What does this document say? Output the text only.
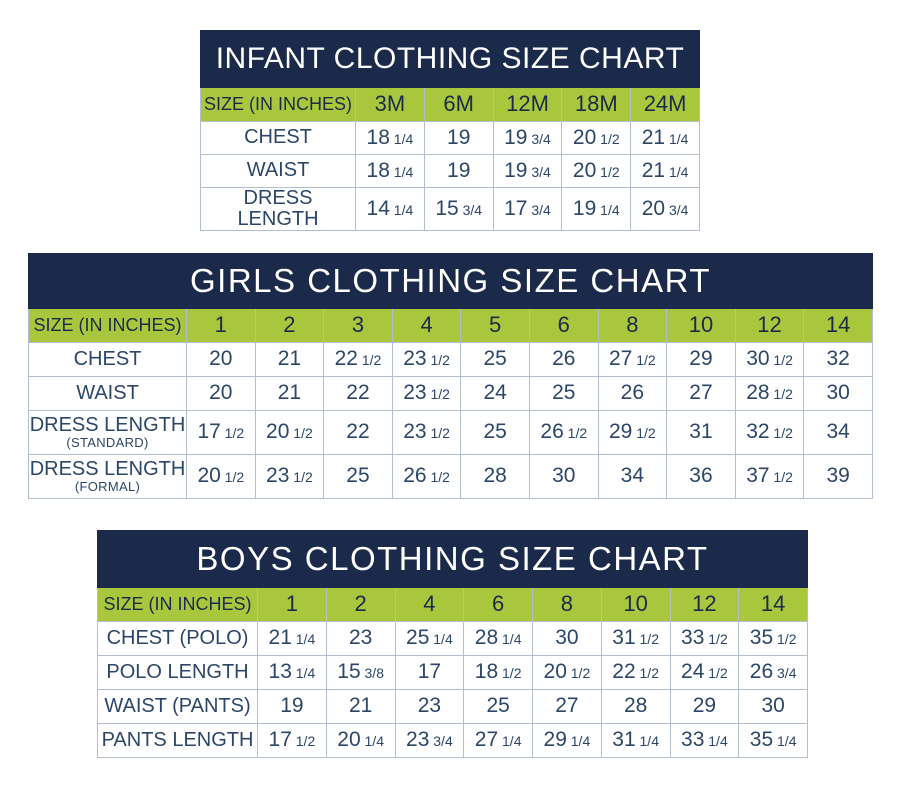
INFANT CLOTHING SIZE CHART
SIZE (IN INCHES)	3M	6M	12M	18M	24M
CHEST	18 1/4	19	19 3/4	20 1/2	21 1/4
WAIST	18 1/4	19	19 3/4	20 1/2	21 1/4
DRESS LENGTH	14 1/4	15 3/4	17 3/4	19 1/4	20 3/4
GIRLS CLOTHING SIZE CHART
SIZE (IN INCHES)	1	2	3	4	5	6	8	10	12	14
CHEST	20	21	22 1/2	23 1/2	25	26	27 1/2	29	30 1/2	32
WAIST	20	21	22	23 1/2	24	25	26	27	28 1/2	30
DRESS LENGTH
(STANDARD)	17 1/2	20 1/2	22	23 1/2	25	26 1/2	29 1/2	31	32 1/2	34
DRESS LENGTH
(FORMAL)	20 1/2	23 1/2	25	26 1/2	28	30	34	36	37 1/2	39
BOYS CLOTHING SIZE CHART
SIZE (IN INCHES)	1	2	4	6	8	10	12	14
CHEST (POLO)	21 1/4	23	25 1/4	28 1/4	30	31 1/2	33 1/2	35 1/2
POLO LENGTH	13 1/4	15 3/8	17	18 1/2	20 1/2	22 1/2	24 1/2	26 3/4
WAIST (PANTS)	19	21	23	25	27	28	29	30
PANTS LENGTH	17 1/2	20 1/4	23 3/4	27 1/4	29 1/4	31 1/4	33 1/4	35 1/4
